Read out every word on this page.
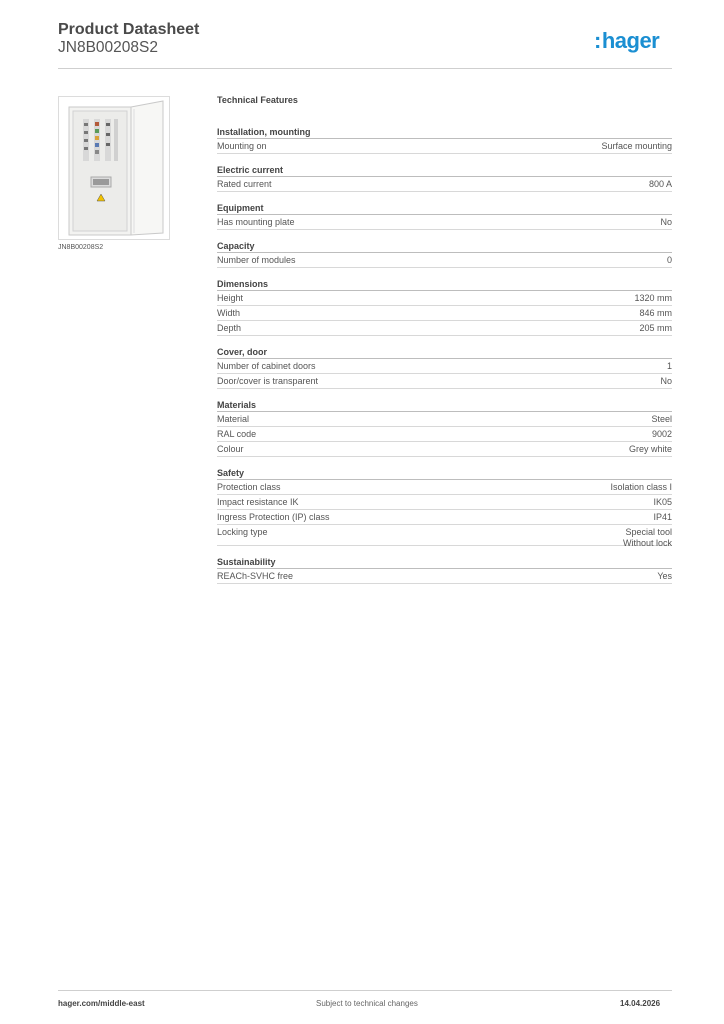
Product Datasheet
JN8B00208S2	:hager
JN8B00208S2
Technical Features
Installation, mounting
Mounting on	Surface mounting
Electric current
Rated current	800 A
Equipment
Has mounting plate	No
Capacity
Number of modules	0
Dimensions
Height	1320 mm
Width	846 mm
Depth	205 mm
Cover, door
Number of cabinet doors	1
Door/cover is transparent	No
Materials
Material	Steel
RAL code	9002
Colour	Grey white
Safety
Protection class	Isolation class I
Impact resistance IK	IK05
Ingress Protection (IP) class	IP41
Locking type	Special tool
Without lock
Sustainability
REACh-SVHC free	Yes
hager.com/middle-east	Subject to technical changes	14.04.2026
